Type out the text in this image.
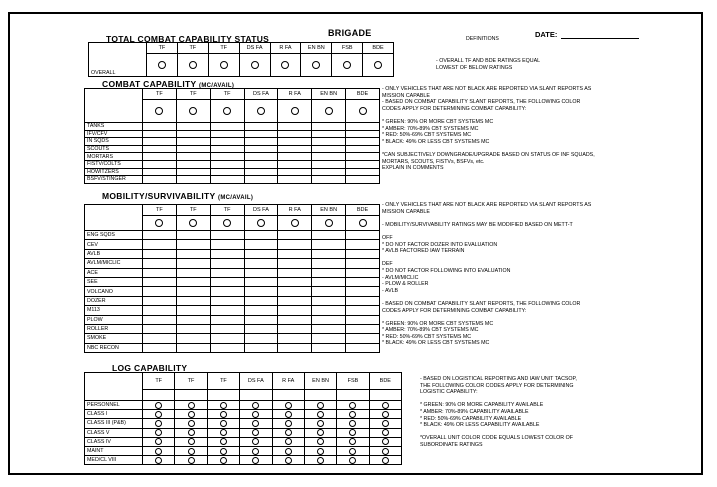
TOTAL COMBAT CAPABILITY STATUS
BRIGADE
DEFINITIONS	DATE:
	TF	TF	TF	DS FA	R FA	EN BN	FSB	BDE
OVERALL								
- OVERALL TF AND BDE RATINGS EQUAL
LOWEST OF BELOW RATINGS
COMBAT CAPABILITY (MC/AVAIL)
	TF	TF	TF	DS FA	R FA	EN BN	BDE

TANKS							
IFV/CFV							
IN SQDS							
SCOUTS							
MORTARS							
FISTV/COLTS							
HOWITZERS							
BSFV/STINGER							
- ONLY VEHICLES THAT ARE NOT BLACK ARE REPORTED VIA SLANT REPORTS AS
MISSION CAPABLE
- BASED ON COMBAT CAPABILITY SLANT REPORTS, THE FOLLOWING COLOR
CODES APPLY FOR DETERMINING COMBAT CAPABILITY:

* GREEN: 90% OR MORE CBT SYSTEMS MC
* AMBER: 70%-89% CBT SYSTEMS MC
* RED: 50%-69% CBT SYSTEMS MC
* BLACK: 49% OR LESS CBT SYSTEMS MC

*CAN SUBJECTIVELY DOWNGRADE/UPGRADE BASED ON STATUS OF INF SQUADS,
MORTARS, SCOUTS, FISTVs, BSFVs, etc.
EXPLAIN IN COMMENTS
MOBILITY/SURVIVABILITY (MC/AVAIL)
	TF	TF	TF	DS FA	R FA	EN BN	BDE

ENG SQDS							
CEV							
AVLB							
AVLM/MICLIC							
ACE							
SEE							
VOLCANO							
DOZER							
M113							
PLOW							
ROLLER							
SMOKE							
NBC RECON							
- ONLY VEHICLES THAT ARE NOT BLACK ARE REPORTED VIA SLANT REPORTS AS
MISSION CAPABLE

- MOBILITY/SURVIVABILITY RATINGS MAY BE MODIFIED BASED ON METT-T

OFF
* DO NOT FACTOR DOZER INTO EVALUATION
* AVLB FACTORED IAW TERRAIN

DEF
* DO NOT FACTOR FOLLOWING INTO EVALUATION
- AVLM/MICLIC
- PLOW & ROLLER
- AVLB

- BASED ON COMBAT CAPABILITY SLANT REPORTS, THE FOLLOWING COLOR
CODES APPLY FOR DETERMINING COMBAT CAPABILITY:

* GREEN: 90% OR MORE CBT SYSTEMS MC
* AMBER: 70%-89% CBT SYSTEMS MC
* RED: 50%-69% CBT SYSTEMS MC
* BLACK: 49% OR LESS CBT SYSTEMS MC
LOG CAPABILITY
	TF	TF	TF	DS FA	R FA	EN BN	FSB	BDE

PERSONNEL								
CLASS I								
CLASS III (P&B)								
CLASS V								
CLASS IV								
MAINT								
MED/CL VIII								
- BASED ON LOGISTICAL REPORTING AND IAW UNIT TACSOP,
THE FOLLOWING COLOR CODES APPLY FOR DETERMINING
LOGISTIC CAPABILITY:

* GREEN: 90% OR MORE CAPABILITY AVAILABLE
* AMBER: 70%-89% CAPABILITY AVAILABLE
* RED: 50%-69% CAPABILITY AVAILABLE
* BLACK: 49% OR LESS CAPABILITY AVAILABLE

*OVERALL UNIT COLOR CODE EQUALS LOWEST COLOR OF
SUBORDINATE RATINGS
